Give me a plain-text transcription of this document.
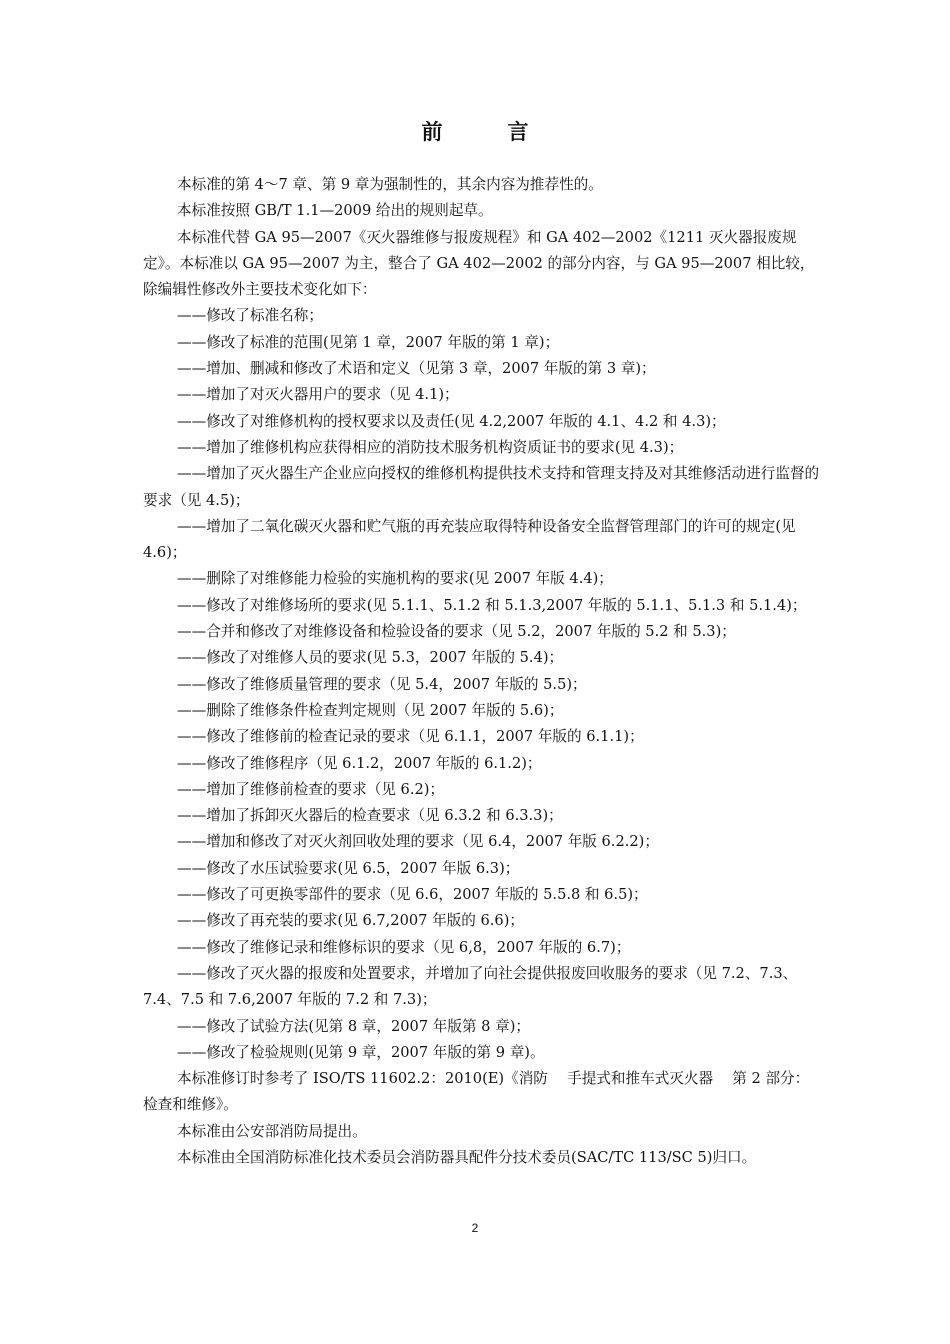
前　言

本标准的第 4～7 章、第 9 章为强制性的，其余内容为推荐性的。

本标准按照 GB/T 1.1—2009 给出的规则起草。

本标准代替 GA 95—2007《灭火器维修与报废规程》和 GA 402—2002《1211 灭火器报废规定》。本标准以 GA 95—2007 为主，整合了 GA 402—2002 的部分内容，与 GA 95—2007 相比较，除编辑性修改外主要技术变化如下：

——修改了标准名称；

——修改了标准的范围(见第 1 章，2007 年版的第 1 章)；

——增加、删减和修改了术语和定义（见第 3 章，2007 年版的第 3 章)；

——增加了对灭火器用户的要求（见 4.1)；

——修改了对维修机构的授权要求以及责任(见 4.2,2007 年版的 4.1、4.2 和 4.3)；

——增加了维修机构应获得相应的消防技术服务机构资质证书的要求(见 4.3)；

——增加了灭火器生产企业应向授权的维修机构提供技术支持和管理支持及对其维修活动进行监督的要求（见 4.5)；

——增加了二氧化碳灭火器和贮气瓶的再充装应取得特种设备安全监督管理部门的许可的规定(见 4.6)；

——删除了对维修能力检验的实施机构的要求(见 2007 年版 4.4)；

——修改了对维修场所的要求(见 5.1.1、5.1.2 和 5.1.3,2007 年版的 5.1.1、5.1.3 和 5.1.4)；

——合并和修改了对维修设备和检验设备的要求（见 5.2，2007 年版的 5.2 和 5.3)；

——修改了对维修人员的要求(见 5.3，2007 年版的 5.4)；

——修改了维修质量管理的要求（见 5.4，2007 年版的 5.5)；

——删除了维修条件检查判定规则（见 2007 年版的 5.6)；

——修改了维修前的检查记录的要求（见 6.1.1，2007 年版的 6.1.1)；

——修改了维修程序（见 6.1.2，2007 年版的 6.1.2)；

——增加了维修前检查的要求（见 6.2)；

——增加了拆卸灭火器后的检查要求（见 6.3.2 和 6.3.3)；

——增加和修改了对灭火剂回收处理的要求（见 6.4，2007 年版 6.2.2)；

——修改了水压试验要求(见 6.5，2007 年版 6.3)；

——修改了可更换零部件的要求（见 6.6，2007 年版的 5.5.8 和 6.5)；

——修改了再充装的要求(见 6.7,2007 年版的 6.6)；

——修改了维修记录和维修标识的要求（见 6,8，2007 年版的 6.7)；

——修改了灭火器的报废和处置要求，并增加了向社会提供报废回收服务的要求（见 7.2、7.3、7.4、7.5 和 7.6,2007 年版的 7.2 和 7.3)；

——修改了试验方法(见第 8 章，2007 年版第 8 章)；

——修改了检验规则(见第 9 章，2007 年版的第 9 章)。

本标准修订时参考了 ISO/TS 11602.2：2010(E)《消防　 手提式和推车式灭火器　 第 2 部分：检查和维修》。

本标准由公安部消防局提出。

本标准由全国消防标准化技术委员会消防器具配件分技术委员(SAC/TC 113/SC 5)归口。

2
